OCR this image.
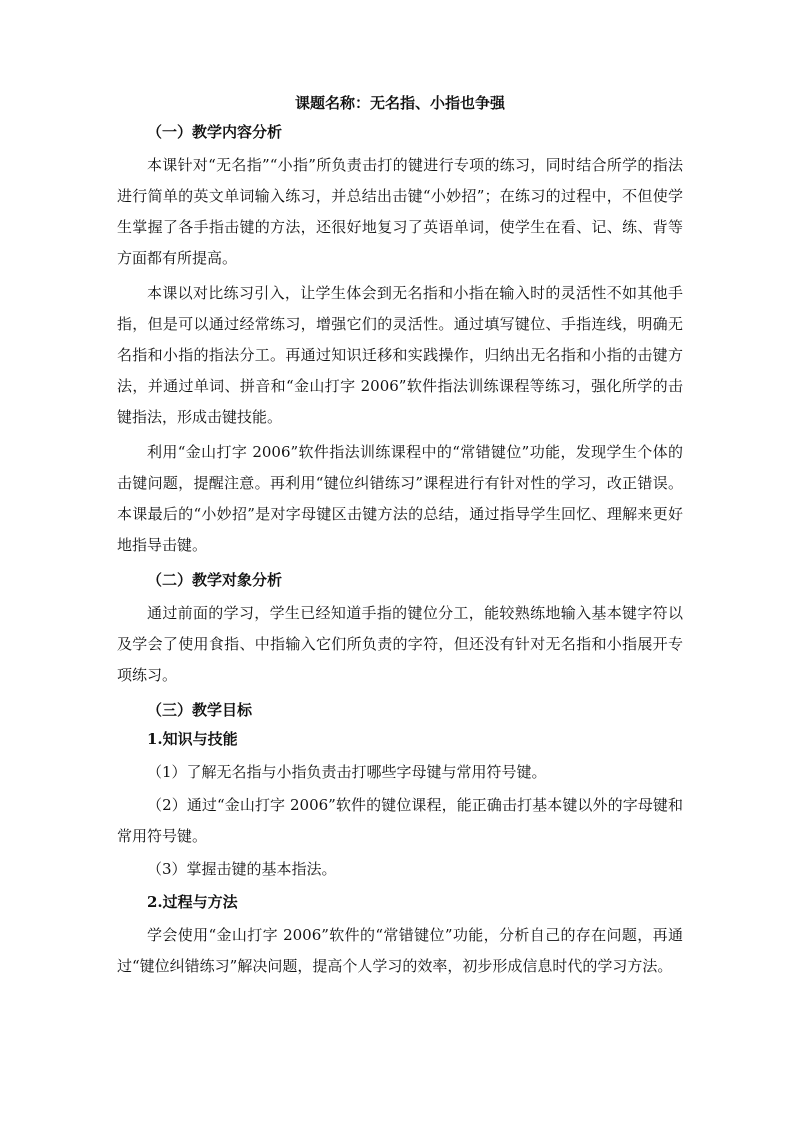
课题名称：无名指、小指也争强
（一）教学内容分析

本课针对“无名指”“小指”所负责击打的键进行专项的练习，同时结合所学的指法进行简单的英文单词输入练习，并总结出击键“小妙招”；在练习的过程中，不但使学生掌握了各手指击键的方法，还很好地复习了英语单词，使学生在看、记、练、背等方面都有所提高。

本课以对比练习引入，让学生体会到无名指和小指在输入时的灵活性不如其他手指，但是可以通过经常练习，增强它们的灵活性。通过填写键位、手指连线，明确无名指和小指的指法分工。再通过知识迁移和实践操作，归纳出无名指和小指的击键方法，并通过单词、拼音和“金山打字 2006”软件指法训练课程等练习，强化所学的击键指法，形成击键技能。

利用“金山打字 2006”软件指法训练课程中的“常错键位”功能，发现学生个体的击键问题，提醒注意。再利用“键位纠错练习”课程进行有针对性的学习，改正错误。本课最后的“小妙招”是对字母键区击键方法的总结，通过指导学生回忆、理解来更好地指导击键。

（二）教学对象分析

通过前面的学习，学生已经知道手指的键位分工，能较熟练地输入基本键字符以及学会了使用食指、中指输入它们所负责的字符，但还没有针对无名指和小指展开专项练习。

（三）教学目标
1.知识与技能

（1）了解无名指与小指负责击打哪些字母键与常用符号键。

（2）通过“金山打字 2006”软件的键位课程，能正确击打基本键以外的字母键和常用符号键。

（3）掌握击键的基本指法。

2.过程与方法

学会使用“金山打字 2006”软件的“常错键位”功能，分析自己的存在问题，再通过“键位纠错练习”解决问题，提高个人学习的效率，初步形成信息时代的学习方法。
